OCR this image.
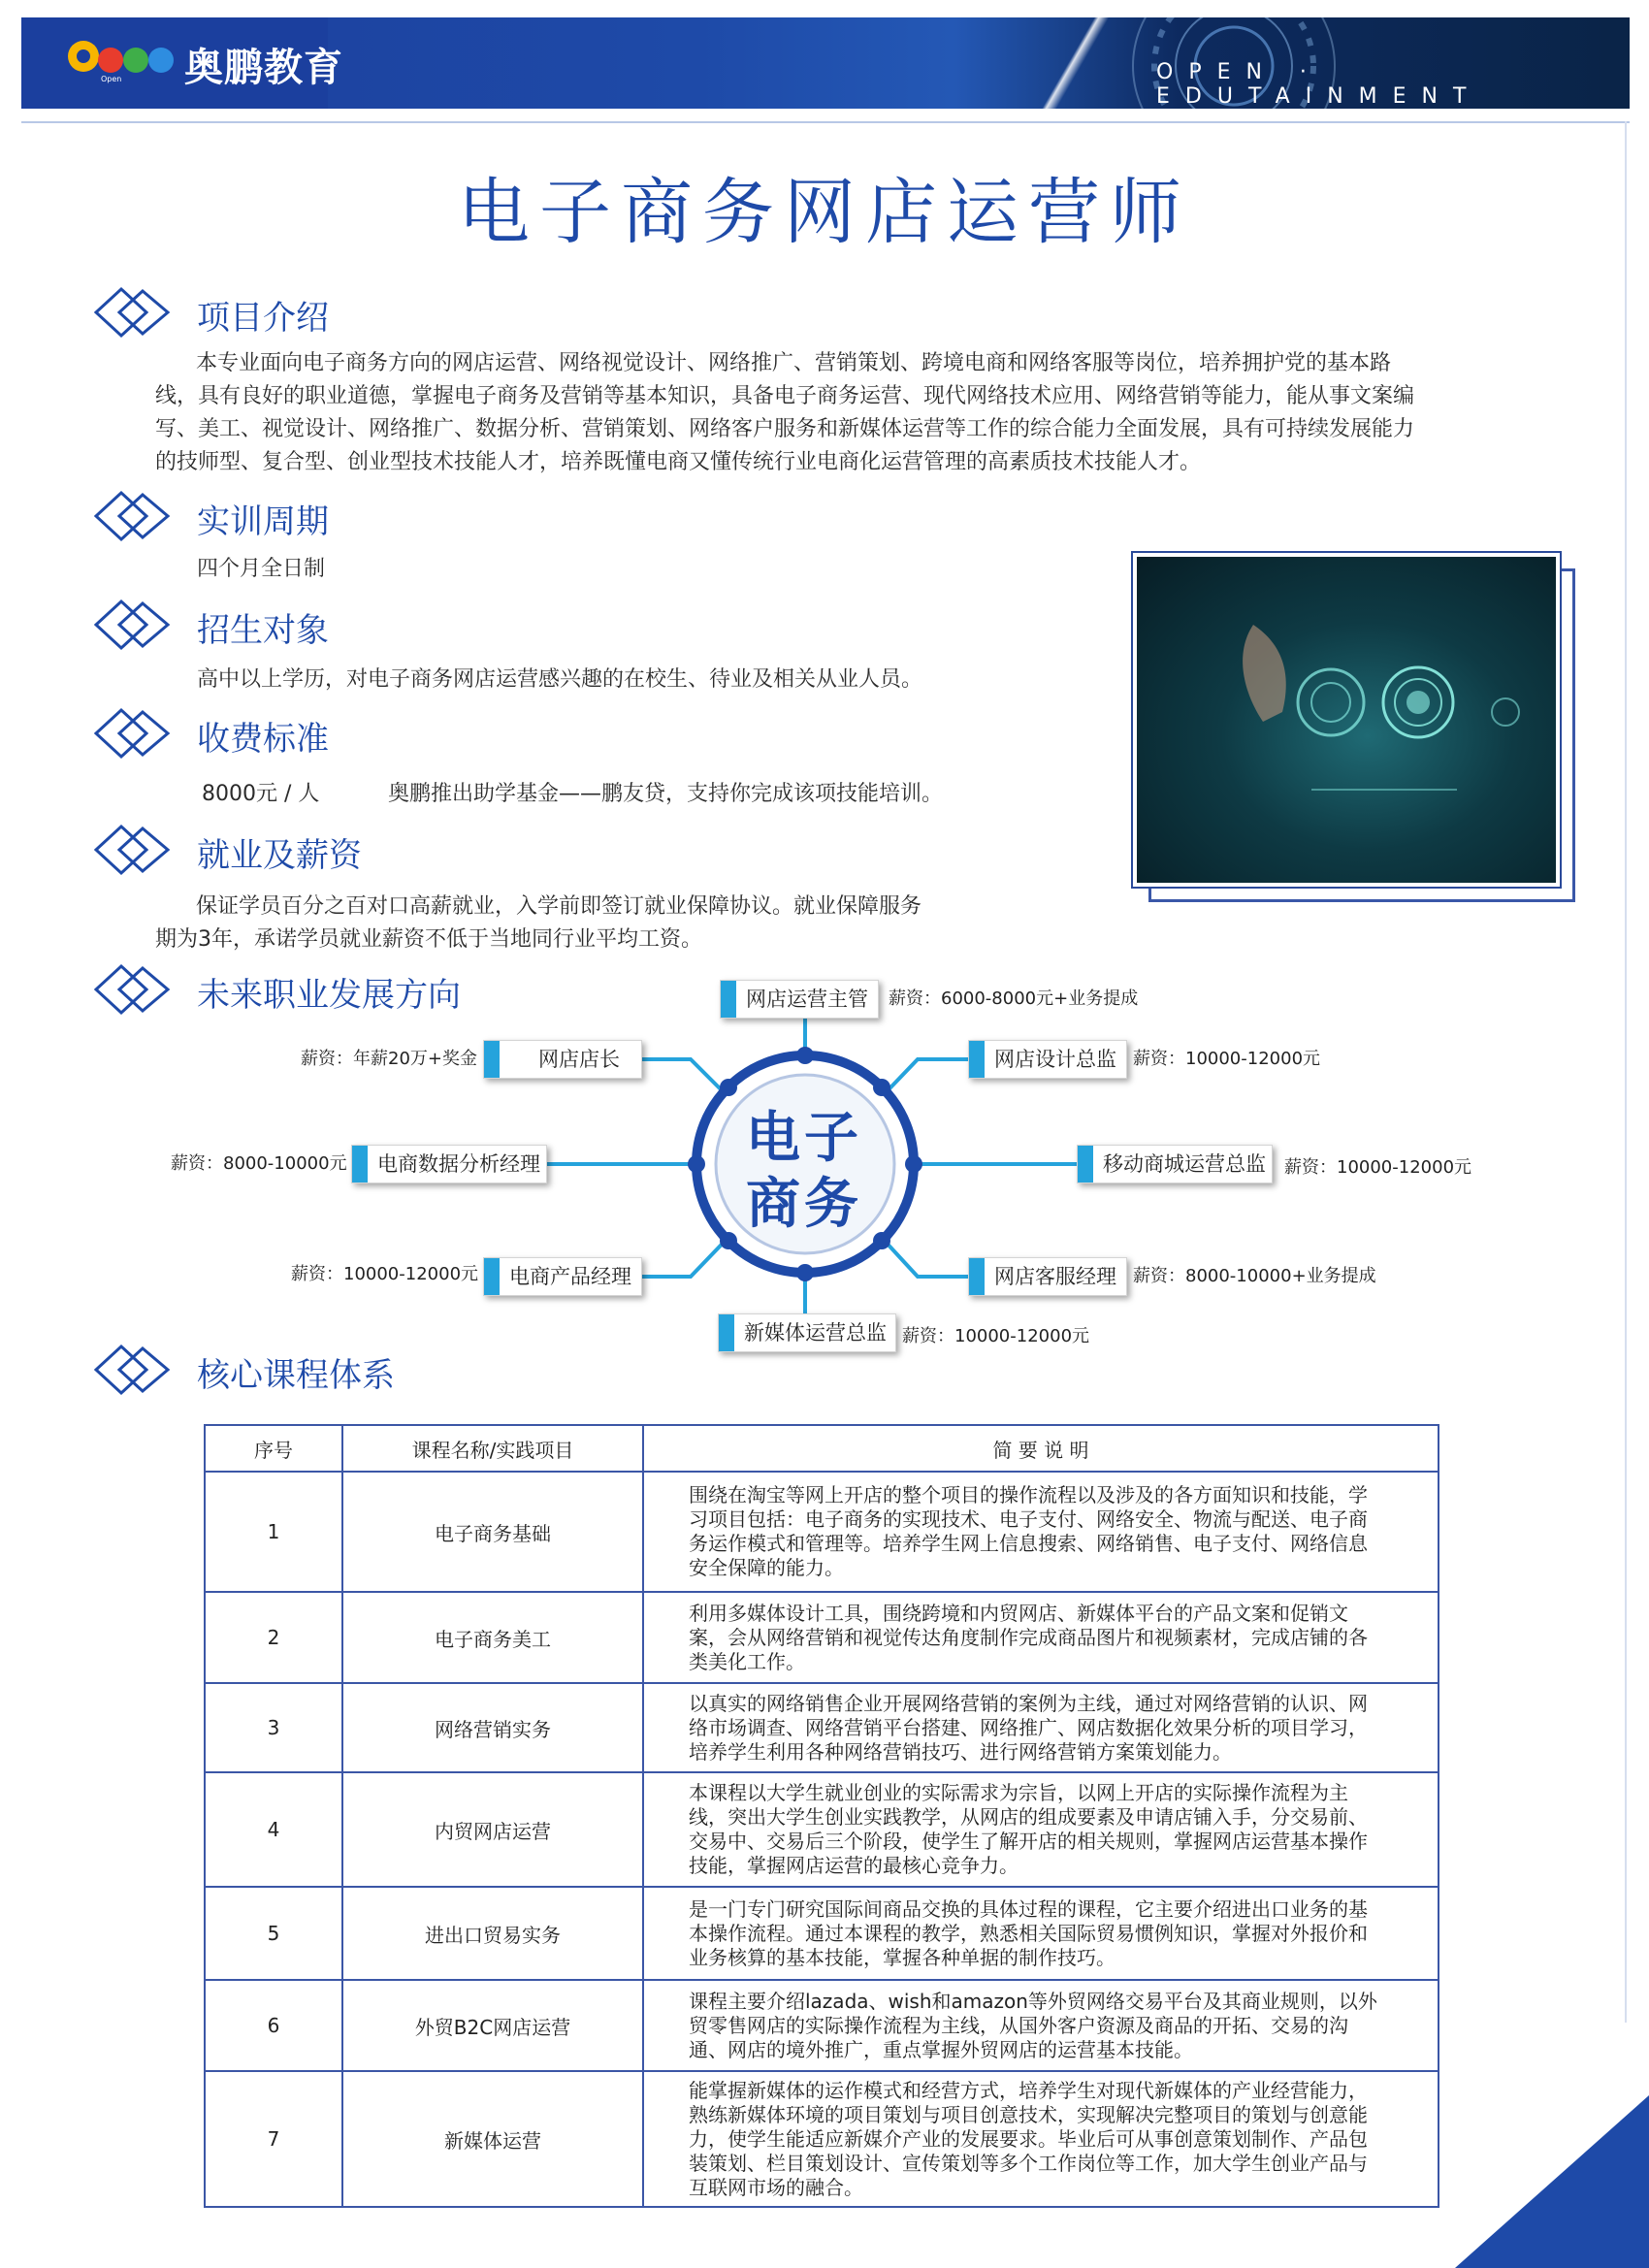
Open 奥鹏教育	OPEN · EDUTAINMENT
电子商务网店运营师
项目介绍
本专业面向电子商务方向的网店运营、网络视觉设计、网络推广、营销策划、跨境电商和网络客服等岗位，培养拥护党的基本路
线，具有良好的职业道德，掌握电子商务及营销等基本知识，具备电子商务运营、现代网络技术应用、网络营销等能力，能从事文案编
写、美工、视觉设计、网络推广、数据分析、营销策划、网络客户服务和新媒体运营等工作的综合能力全面发展，具有可持续发展能力
的技师型、复合型、创业型技术技能人才，培养既懂电商又懂传统行业电商化运营管理的高素质技术技能人才。
实训周期
四个月全日制
招生对象
高中以上学历，对电子商务网店运营感兴趣的在校生、待业及相关从业人员。
收费标准
8000元 / 人	奥鹏推出助学基金——鹏友贷，支持你完成该项技能培训。
就业及薪资
保证学员百分之百对口高薪就业，入学前即签订就业保障协议。就业保障服务
期为3年，承诺学员就业薪资不低于当地同行业平均工资。
未来职业发展方向
电子
商务
网店运营主管 薪资：6000-8000元+业务提成
网店店长
薪资：年薪20万+奖金	网店设计总监 薪资：10000-12000元
电商数据分析经理
薪资：8000-10000元	移动商城运营总监 薪资：10000-12000元
电商产品经理
薪资：10000-12000元	网店客服经理 薪资：8000-10000+业务提成
新媒体运营总监 薪资：10000-12000元
核心课程体系
序号	课程名称/实践项目	简 要 说 明
1	电子商务基础	围绕在淘宝等网上开店的整个项目的操作流程以及涉及的各方面知识和技能，学
习项目包括：电子商务的实现技术、电子支付、网络安全、物流与配送、电子商
务运作模式和管理等。培养学生网上信息搜索、网络销售、电子支付、网络信息
安全保障的能力。

2	电子商务美工	利用多媒体设计工具，围绕跨境和内贸网店、新媒体平台的产品文案和促销文
案，会从网络营销和视觉传达角度制作完成商品图片和视频素材，完成店铺的各
类美化工作。

3	网络营销实务	以真实的网络销售企业开展网络营销的案例为主线，通过对网络营销的认识、网
络市场调查、网络营销平台搭建、网络推广、网店数据化效果分析的项目学习，
培养学生利用各种网络营销技巧、进行网络营销方案策划能力。

4	内贸网店运营	本课程以大学生就业创业的实际需求为宗旨，以网上开店的实际操作流程为主
线，突出大学生创业实践教学，从网店的组成要素及申请店铺入手，分交易前、
交易中、交易后三个阶段，使学生了解开店的相关规则，掌握网店运营基本操作
技能，掌握网店运营的最核心竞争力。

5	进出口贸易实务	是一门专门研究国际间商品交换的具体过程的课程，它主要介绍进出口业务的基
本操作流程。通过本课程的教学，熟悉相关国际贸易惯例知识，掌握对外报价和
业务核算的基本技能，掌握各种单据的制作技巧。

6	外贸B2C网店运营	课程主要介绍lazada、wish和amazon等外贸网络交易平台及其商业规则，以外
贸零售网店的实际操作流程为主线，从国外客户资源及商品的开拓、交易的沟
通、网店的境外推广，重点掌握外贸网店的运营基本技能。

7	新媒体运营	能掌握新媒体的运作模式和经营方式，培养学生对现代新媒体的产业经营能力，
熟练新媒体环境的项目策划与项目创意技术，实现解决完整项目的策划与创意能
力，使学生能适应新媒介产业的发展要求。毕业后可从事创意策划制作、产品包
装策划、栏目策划设计、宣传策划等多个工作岗位等工作，加大学生创业产品与
互联网市场的融合。
